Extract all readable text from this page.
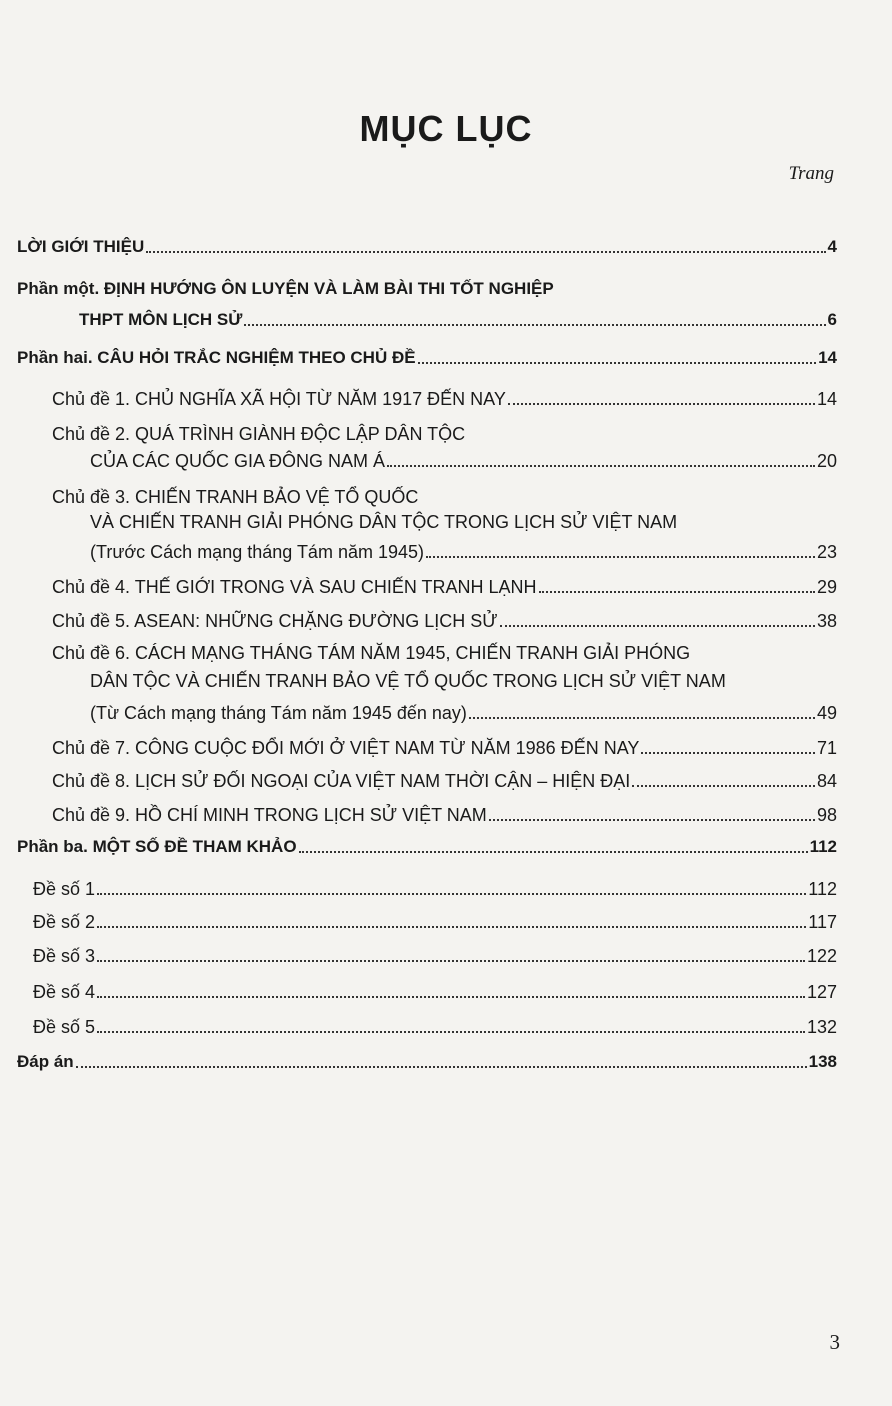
MỤC LỤC
Trang
LỜI GIỚI THIỆU	4
Phần một. ĐỊNH HƯỚNG ÔN LUYỆN VÀ LÀM BÀI THI TỐT NGHIỆP
THPT MÔN LỊCH SỬ	6
Phần hai. CÂU HỎI TRẮC NGHIỆM THEO CHỦ ĐỀ	14
Chủ đề 1. CHỦ NGHĨA XÃ HỘI TỪ NĂM 1917 ĐẾN NAY	14
Chủ đề 2. QUÁ TRÌNH GIÀNH ĐỘC LẬP DÂN TỘC
CỦA CÁC QUỐC GIA ĐÔNG NAM Á	20
Chủ đề 3. CHIẾN TRANH BẢO VỆ TỔ QUỐC
VÀ CHIẾN TRANH GIẢI PHÓNG DÂN TỘC TRONG LỊCH SỬ VIỆT NAM
(Trước Cách mạng tháng Tám năm 1945)	23
Chủ đề 4. THẾ GIỚI TRONG VÀ SAU CHIẾN TRANH LẠNH	29
Chủ đề 5. ASEAN: NHỮNG CHẶNG ĐƯỜNG LỊCH SỬ	38
Chủ đề 6. CÁCH MẠNG THÁNG TÁM NĂM 1945, CHIẾN TRANH GIẢI PHÓNG
DÂN TỘC VÀ CHIẾN TRANH BẢO VỆ TỔ QUỐC TRONG LỊCH SỬ VIỆT NAM
(Từ Cách mạng tháng Tám năm 1945 đến nay)	49
Chủ đề 7. CÔNG CUỘC ĐỔI MỚI Ở VIỆT NAM TỪ NĂM 1986 ĐẾN NAY	71
Chủ đề 8. LỊCH SỬ ĐỐI NGOẠI CỦA VIỆT NAM THỜI CẬN – HIỆN ĐẠI	84
Chủ đề 9. HỒ CHÍ MINH TRONG LỊCH SỬ VIỆT NAM	98
Phần ba. MỘT SỐ ĐỀ THAM KHẢO	112
Đề số 1	112
Đề số 2	117
Đề số 3	122
Đề số 4	127
Đề số 5	132
Đáp án	138
3
